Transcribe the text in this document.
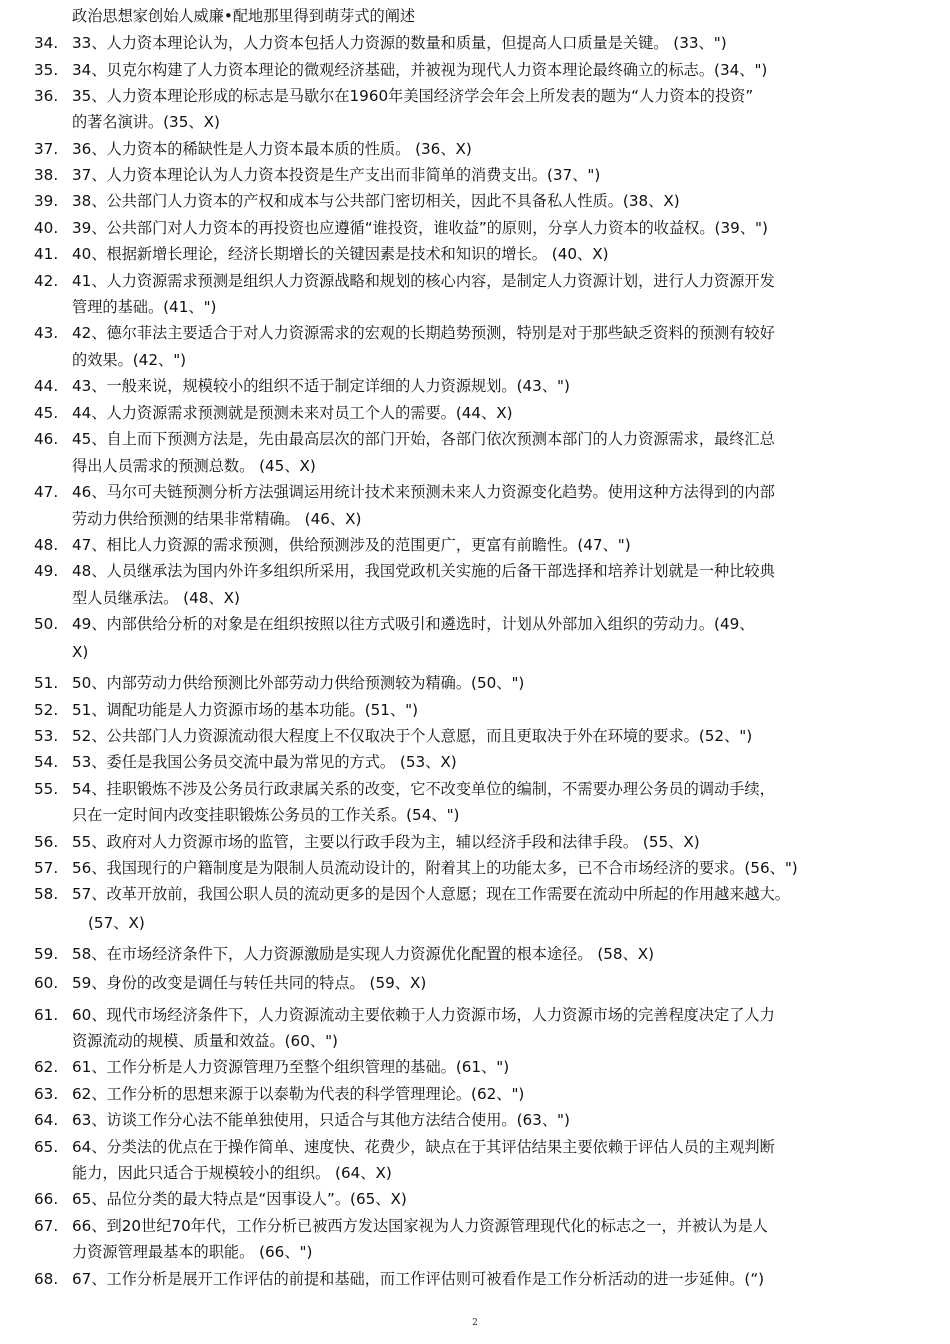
政治思想家创始人威廉•配地那里得到萌芽式的阐述
34. 33、人力资本理论认为，人力资本包括人力资源的数量和质量，但提高人口质量是关键。 (33、")
35. 34、贝克尔构建了人力资本理论的微观经济基础，并被视为现代人力资本理论最终确立的标志。(34、")
36. 35、人力资本理论形成的标志是马歇尔在1960年美国经济学会年会上所发表的题为“人力资本的投资”
的著名演讲。(35、X)
37. 36、人力资本的稀缺性是人力资本最本质的性质。 (36、X)
38. 37、人力资本理论认为人力资本投资是生产支出而非简单的消费支出。(37、")
39. 38、公共部门人力资本的产权和成本与公共部门密切相关，因此不具备私人性质。(38、X)
40. 39、公共部门对人力资本的再投资也应遵循“谁投资，谁收益”的原则，分享人力资本的收益权。(39、")
41. 40、根据新增长理论，经济长期增长的关键因素是技术和知识的增长。 (40、X)
42. 41、人力资源需求预测是组织人力资源战略和规划的核心内容，是制定人力资源计划，进行人力资源开发
管理的基础。(41、")
43. 42、德尔菲法主要适合于对人力资源需求的宏观的长期趋势预测，特别是对于那些缺乏资料的预测有较好
的效果。(42、")
44. 43、一般来说，规模较小的组织不适于制定详细的人力资源规划。(43、")
45. 44、人力资源需求预测就是预测未来对员工个人的需要。(44、X)
46. 45、自上而下预测方法是，先由最高层次的部门开始，各部门依次预测本部门的人力资源需求，最终汇总
得出人员需求的预测总数。 (45、X)
47. 46、马尔可夫链预测分析方法强调运用统计技术来预测未来人力资源变化趋势。使用这种方法得到的内部
劳动力供给预测的结果非常精确。 (46、X)
48. 47、相比人力资源的需求预测，供给预测涉及的范围更广，更富有前瞻性。(47、")
49. 48、人员继承法为国内外许多组织所采用，我国党政机关实施的后备干部选择和培养计划就是一种比较典
型人员继承法。 (48、X)
50. 49、内部供给分析的对象是在组织按照以往方式吸引和遴选时，计划从外部加入组织的劳动力。(49、
X)
51. 50、内部劳动力供给预测比外部劳动力供给预测较为精确。(50、")
52. 51、调配功能是人力资源市场的基本功能。(51、")
53. 52、公共部门人力资源流动很大程度上不仅取决于个人意愿，而且更取决于外在环境的要求。(52、")
54. 53、委任是我国公务员交流中最为常见的方式。 (53、X)
55. 54、挂职锻炼不涉及公务员行政隶属关系的改变，它不改变单位的编制，不需要办理公务员的调动手续，
只在一定时间内改变挂职锻炼公务员的工作关系。(54、")
56. 55、政府对人力资源市场的监管，主要以行政手段为主，辅以经济手段和法律手段。 (55、X)
57. 56、我国现行的户籍制度是为限制人员流动设计的，附着其上的功能太多，已不合市场经济的要求。(56、")
58. 57、改革开放前，我国公职人员的流动更多的是因个人意愿；现在工作需要在流动中所起的作用越来越大。
(57、X)
59. 58、在市场经济条件下，人力资源激励是实现人力资源优化配置的根本途径。 (58、X)
60. 59、身份的改变是调任与转任共同的特点。 (59、X)
61. 60、现代市场经济条件下，人力资源流动主要依赖于人力资源市场，人力资源市场的完善程度决定了人力
资源流动的规模、质量和效益。(60、")
62. 61、工作分析是人力资源管理乃至整个组织管理的基础。(61、")
63. 62、工作分析的思想来源于以泰勒为代表的科学管理理论。(62、")
64. 63、访谈工作分心法不能单独使用，只适合与其他方法结合使用。(63、")
65. 64、分类法的优点在于操作简单、速度快、花费少，缺点在于其评估结果主要依赖于评估人员的主观判断
能力，因此只适合于规模较小的组织。 (64、X)
66. 65、品位分类的最大特点是“因事设人”。(65、X)
67. 66、到20世纪70年代，工作分析已被西方发达国家视为人力资源管理现代化的标志之一，并被认为是人
力资源管理最基本的职能。 (66、")
68. 67、工作分析是展开工作评估的前提和基础，而工作评估则可被看作是工作分析活动的进一步延伸。(“)
2
